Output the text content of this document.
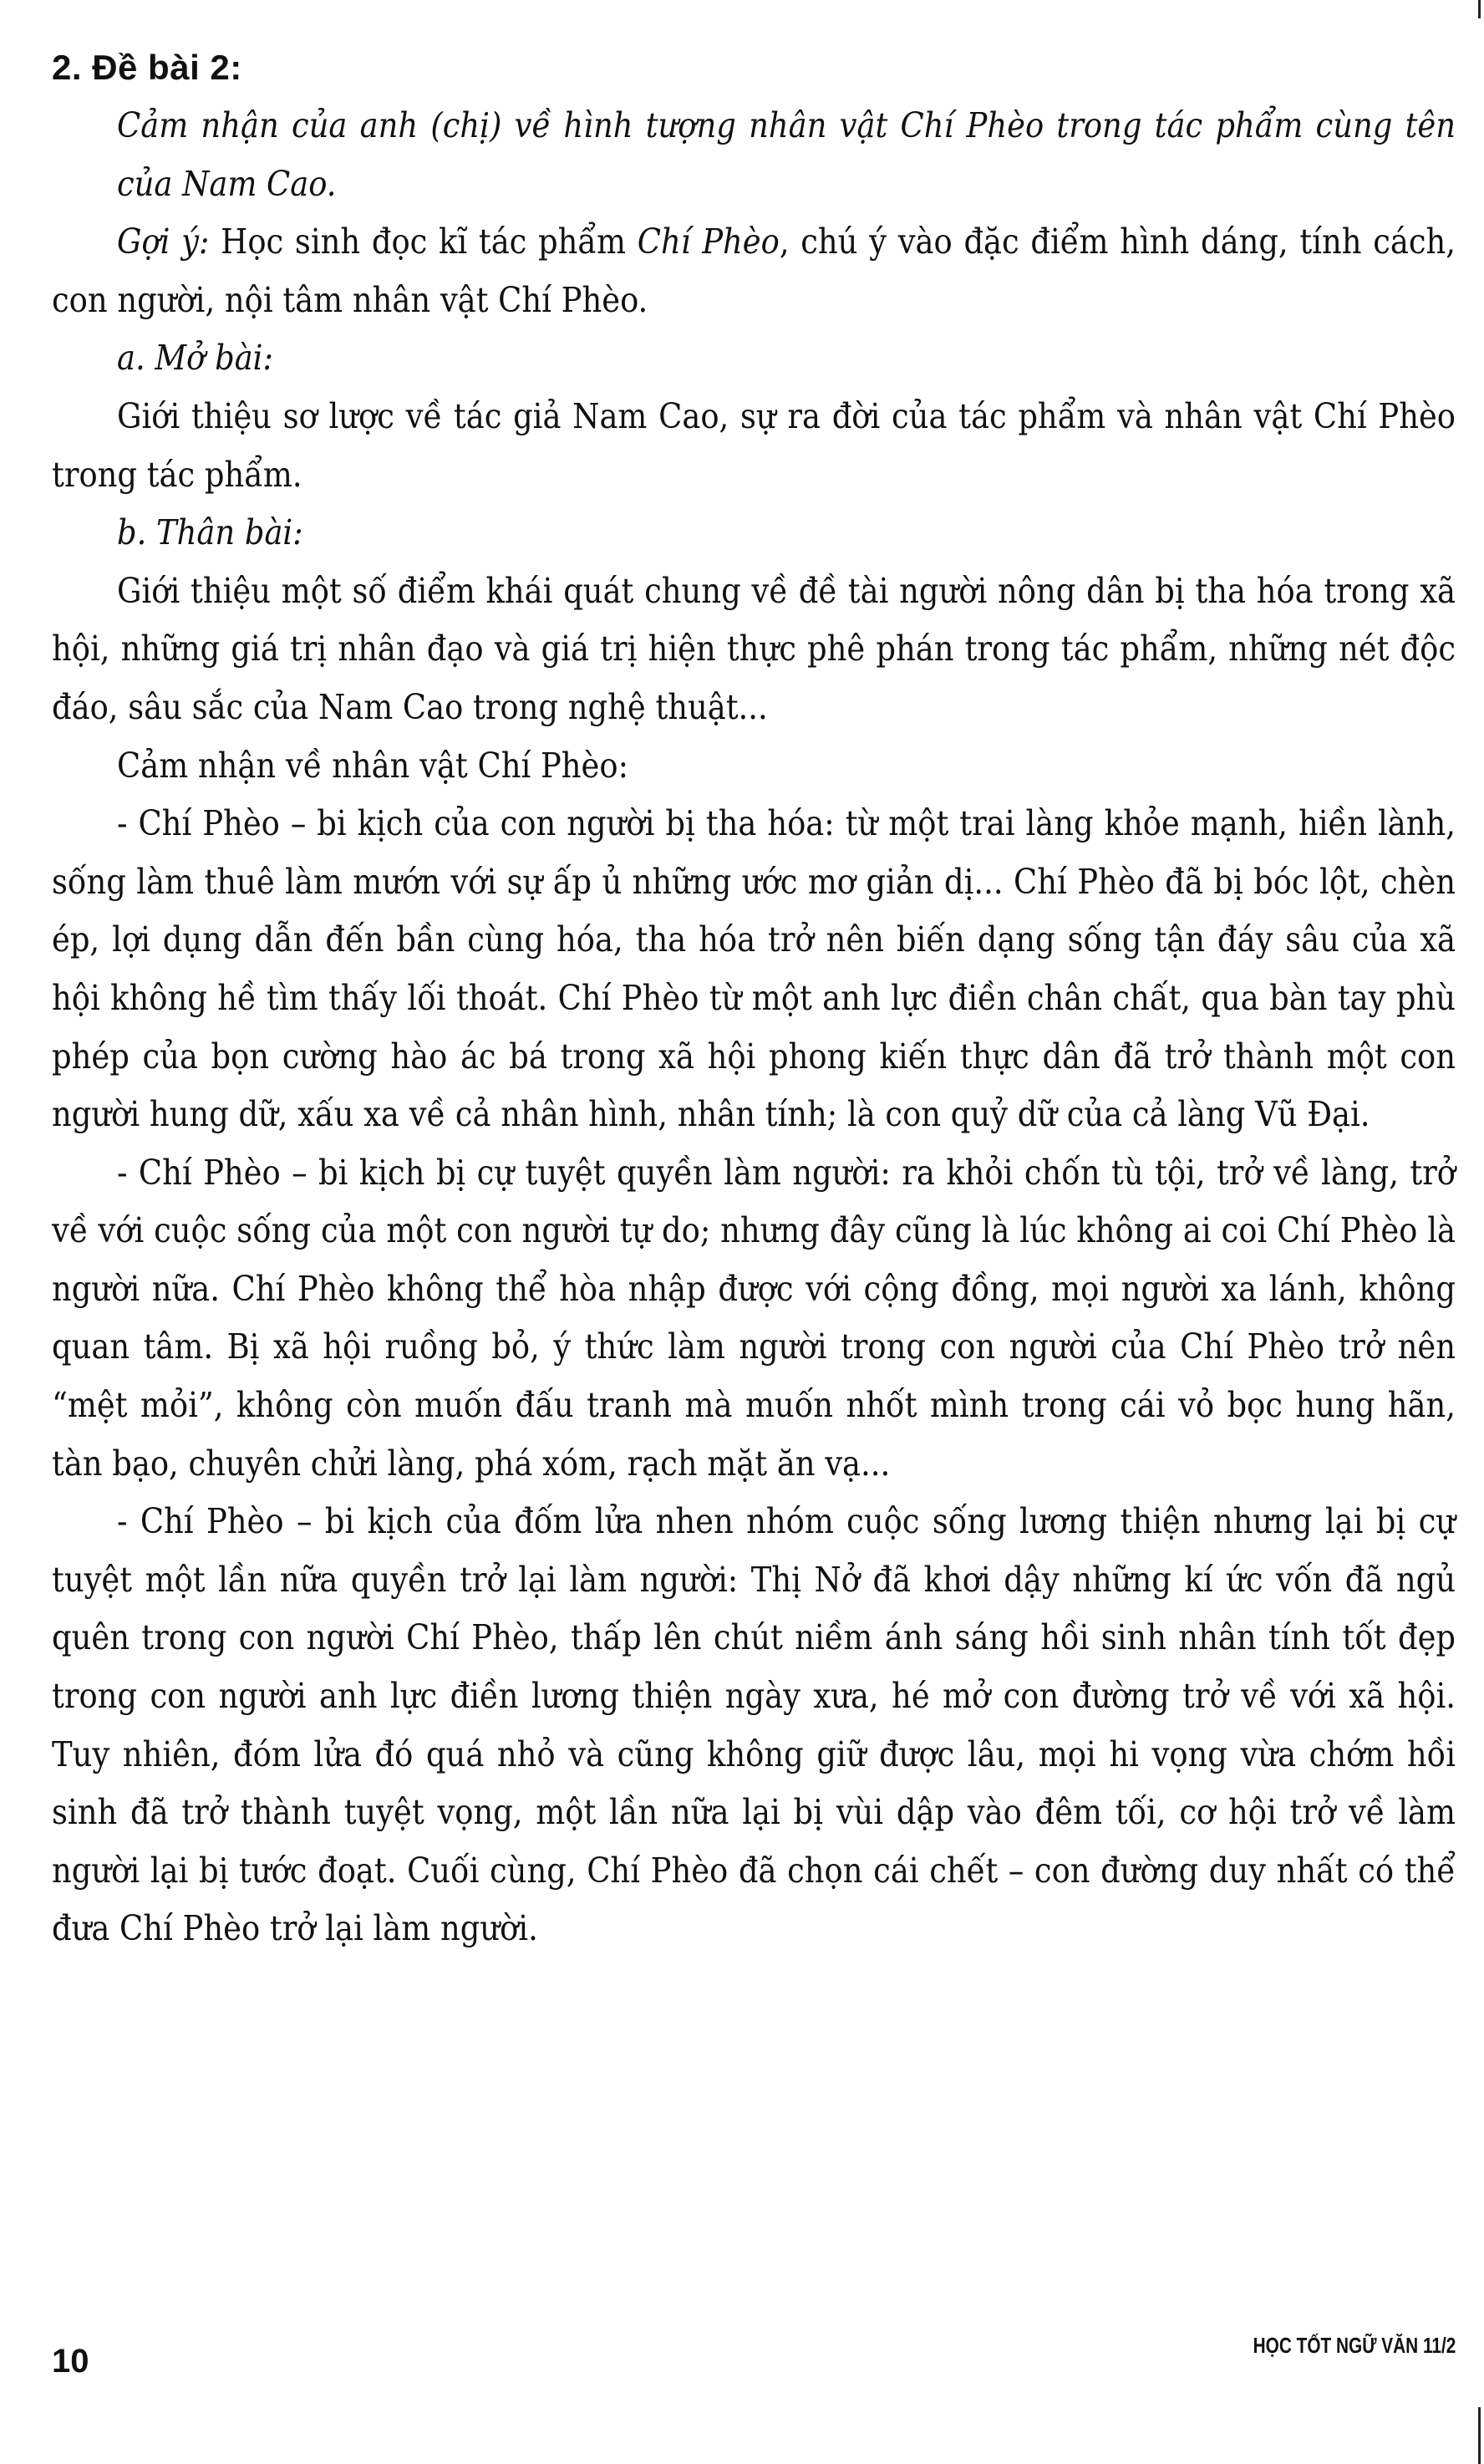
2. Đề bài 2:

Cảm nhận của anh (chị) về hình tượng nhân vật Chí Phèo trong tác phẩm cùng tên của Nam Cao.

Gợi ý: Học sinh đọc kĩ tác phẩm Chí Phèo, chú ý vào đặc điểm hình dáng, tính cách, con người, nội tâm nhân vật Chí Phèo.

a. Mở bài:

Giới thiệu sơ lược về tác giả Nam Cao, sự ra đời của tác phẩm và nhân vật Chí Phèo trong tác phẩm.

b. Thân bài:

Giới thiệu một số điểm khái quát chung về đề tài người nông dân bị tha hóa trong xã hội, những giá trị nhân đạo và giá trị hiện thực phê phán trong tác phẩm, những nét độc đáo, sâu sắc của Nam Cao trong nghệ thuật...

Cảm nhận về nhân vật Chí Phèo:

- Chí Phèo – bi kịch của con người bị tha hóa: từ một trai làng khỏe mạnh, hiền lành, sống làm thuê làm mướn với sự ấp ủ những ước mơ giản dị... Chí Phèo đã bị bóc lột, chèn ép, lợi dụng dẫn đến bần cùng hóa, tha hóa trở nên biến dạng sống tận đáy sâu của xã hội không hề tìm thấy lối thoát. Chí Phèo từ một anh lực điền chân chất, qua bàn tay phù phép của bọn cường hào ác bá trong xã hội phong kiến thực dân đã trở thành một con người hung dữ, xấu xa về cả nhân hình, nhân tính; là con quỷ dữ của cả làng Vũ Đại.

- Chí Phèo – bi kịch bị cự tuyệt quyền làm người: ra khỏi chốn tù tội, trở về làng, trở về với cuộc sống của một con người tự do; nhưng đây cũng là lúc không ai coi Chí Phèo là người nữa. Chí Phèo không thể hòa nhập được với cộng đồng, mọi người xa lánh, không quan tâm. Bị xã hội ruồng bỏ, ý thức làm người trong con người của Chí Phèo trở nên “mệt mỏi”, không còn muốn đấu tranh mà muốn nhốt mình trong cái vỏ bọc hung hãn, tàn bạo, chuyên chửi làng, phá xóm, rạch mặt ăn vạ...

- Chí Phèo – bi kịch của đốm lửa nhen nhóm cuộc sống lương thiện nhưng lại bị cự tuyệt một lần nữa quyền trở lại làm người: Thị Nở đã khơi dậy những kí ức vốn đã ngủ quên trong con người Chí Phèo, thấp lên chút niềm ánh sáng hồi sinh nhân tính tốt đẹp trong con người anh lực điền lương thiện ngày xưa, hé mở con đường trở về với xã hội. Tuy nhiên, đóm lửa đó quá nhỏ và cũng không giữ được lâu, mọi hi vọng vừa chớm hồi sinh đã trở thành tuyệt vọng, một lần nữa lại bị vùi dập vào đêm tối, cơ hội trở về làm người lại bị tước đoạt. Cuối cùng, Chí Phèo đã chọn cái chết – con đường duy nhất có thể đưa Chí Phèo trở lại làm người.

10	HỌC TỐT NGỮ VĂN 11/2
